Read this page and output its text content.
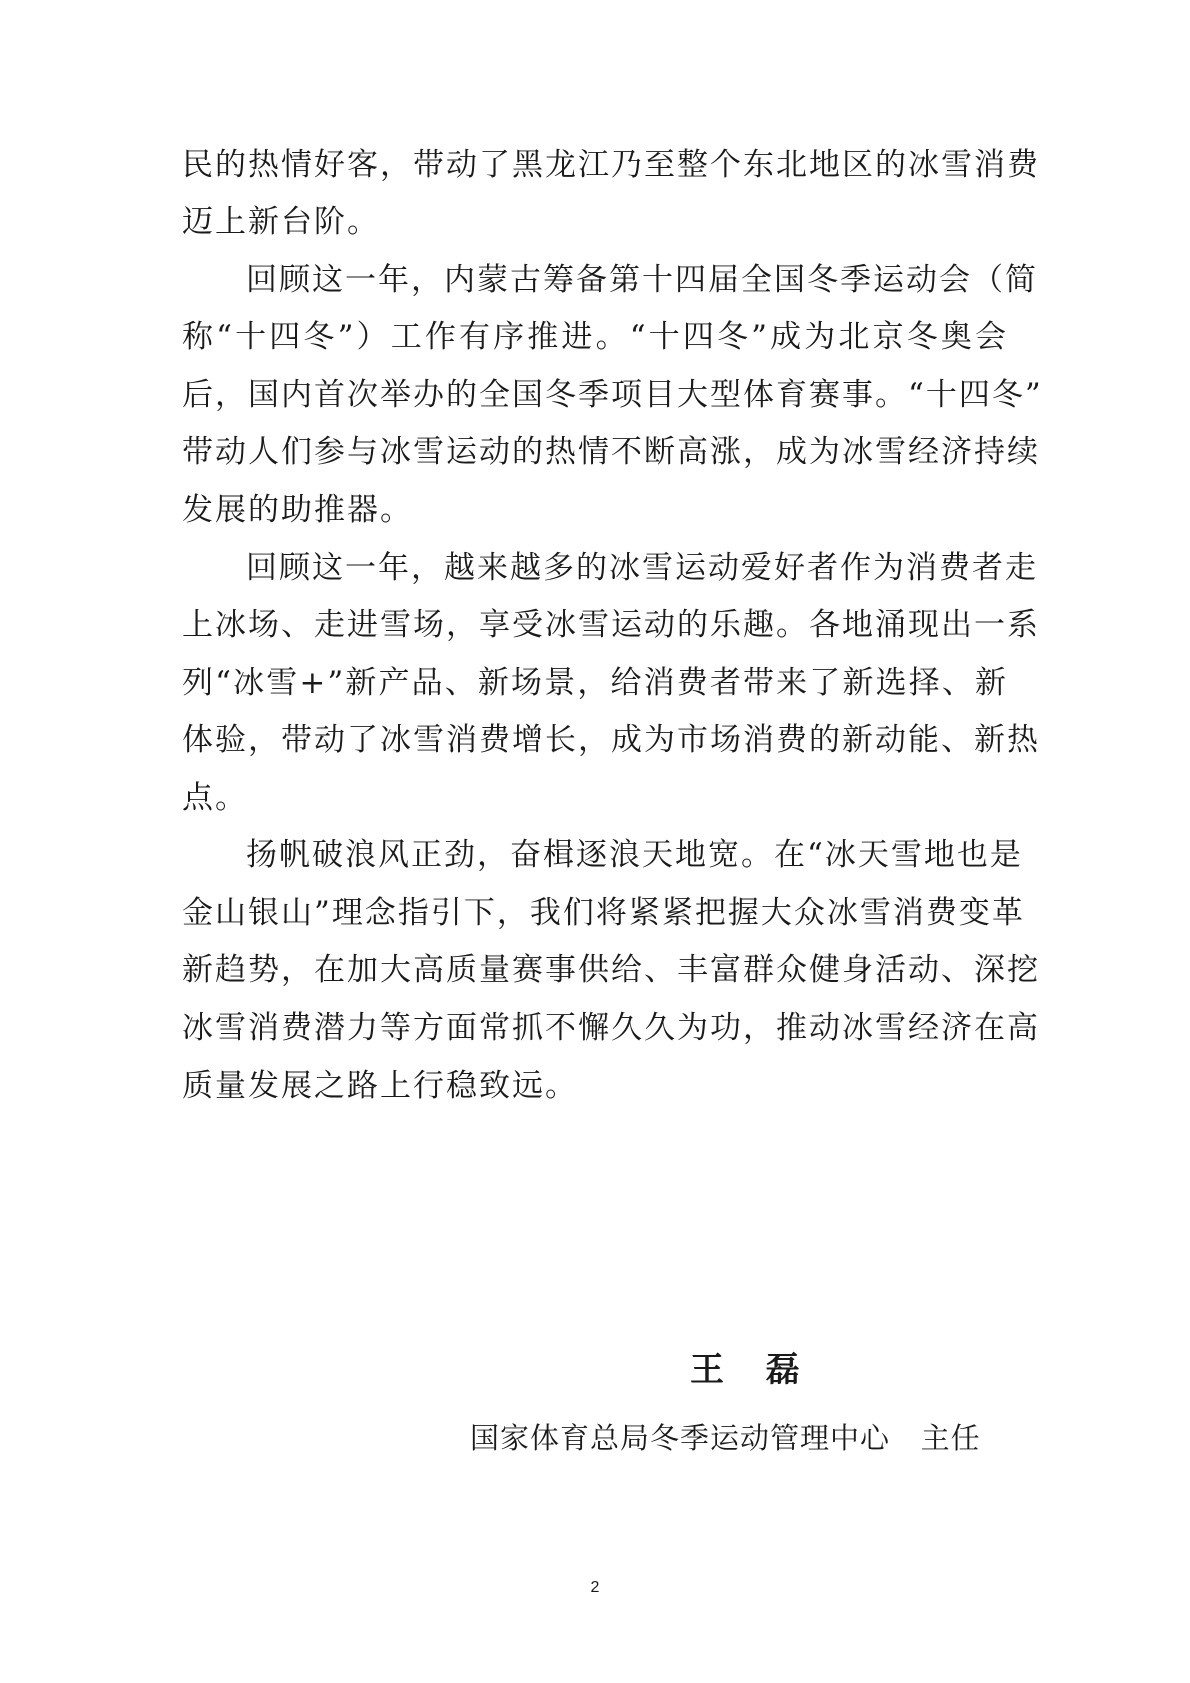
民的热情好客，带动了黑龙江乃至整个东北地区的冰雪消费
迈上新台阶。
回顾这一年，内蒙古筹备第十四届全国冬季运动会（简
称“十四冬”）工作有序推进。“十四冬”成为北京冬奥会
后，国内首次举办的全国冬季项目大型体育赛事。“十四冬”
带动人们参与冰雪运动的热情不断高涨，成为冰雪经济持续
发展的助推器。
回顾这一年，越来越多的冰雪运动爱好者作为消费者走
上冰场、走进雪场，享受冰雪运动的乐趣。各地涌现出一系
列“冰雪+”新产品、新场景，给消费者带来了新选择、新
体验，带动了冰雪消费增长，成为市场消费的新动能、新热
点。
扬帆破浪风正劲，奋楫逐浪天地宽。在“冰天雪地也是
金山银山”理念指引下，我们将紧紧把握大众冰雪消费变革
新趋势，在加大高质量赛事供给、丰富群众健身活动、深挖
冰雪消费潜力等方面常抓不懈久久为功，推动冰雪经济在高
质量发展之路上行稳致远。
王  磊
国家体育总局冬季运动管理中心   主任
2
